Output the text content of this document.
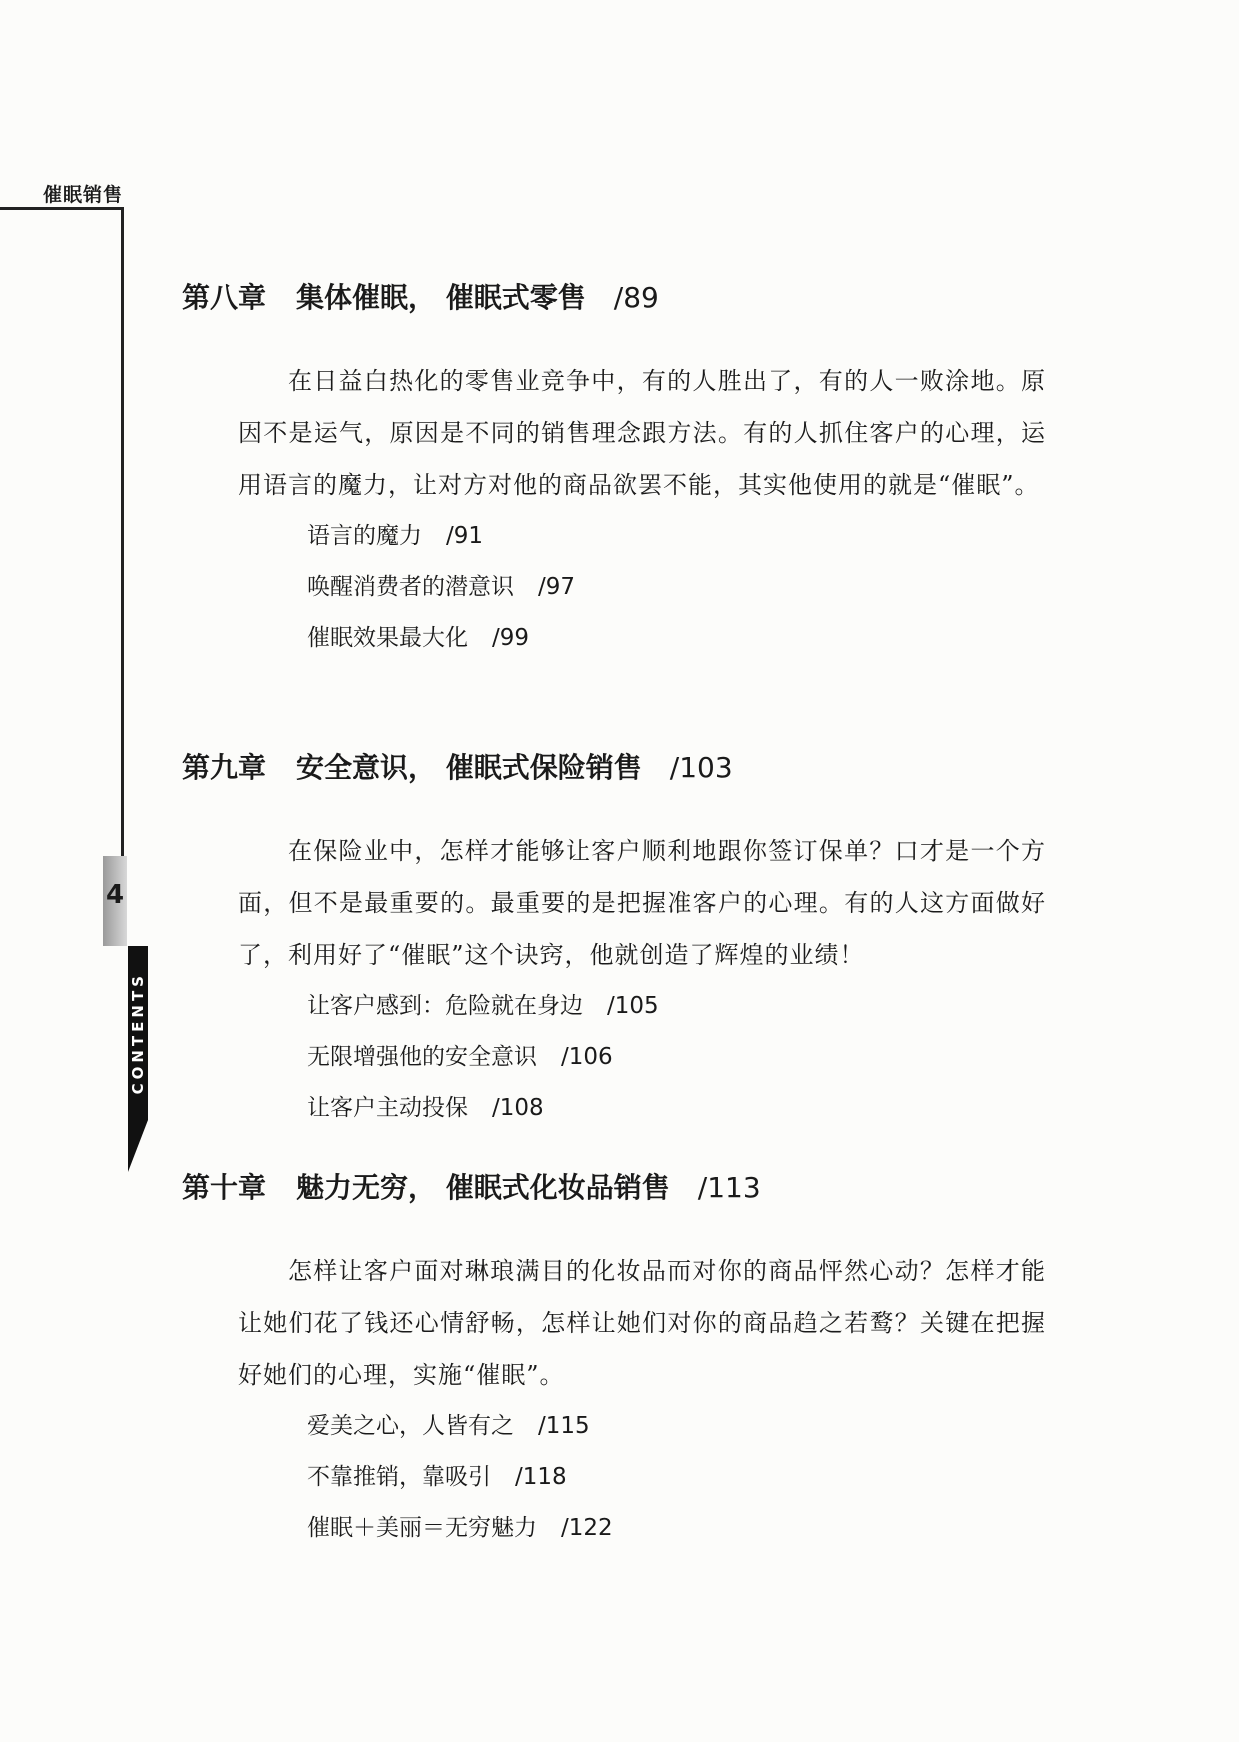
催眠销售
4
CONTENTS
第八章 集体催眠， 催眠式零售 /89

在日益白热化的零售业竞争中，有的人胜出了，有的人一败涂地。原因不是运气，原因是不同的销售理念跟方法。有的人抓住客户的心理，运用语言的魔力，让对方对他的商品欲罢不能，其实他使用的就是“催眠”。

语言的魔力 /91
唤醒消费者的潜意识 /97
催眠效果最大化 /99
第九章 安全意识， 催眠式保险销售 /103

在保险业中，怎样才能够让客户顺利地跟你签订保单？口才是一个方面，但不是最重要的。最重要的是把握准客户的心理。有的人这方面做好了，利用好了“催眠”这个诀窍，他就创造了辉煌的业绩！

让客户感到：危险就在身边 /105
无限增强他的安全意识 /106
让客户主动投保 /108
第十章 魅力无穷， 催眠式化妆品销售 /113

怎样让客户面对琳琅满目的化妆品而对你的商品怦然心动？怎样才能让她们花了钱还心情舒畅，怎样让她们对你的商品趋之若鹜？关键在把握好她们的心理，实施“催眠”。

爱美之心，人皆有之 /115
不靠推销，靠吸引 /118
催眠＋美丽＝无穷魅力 /122
